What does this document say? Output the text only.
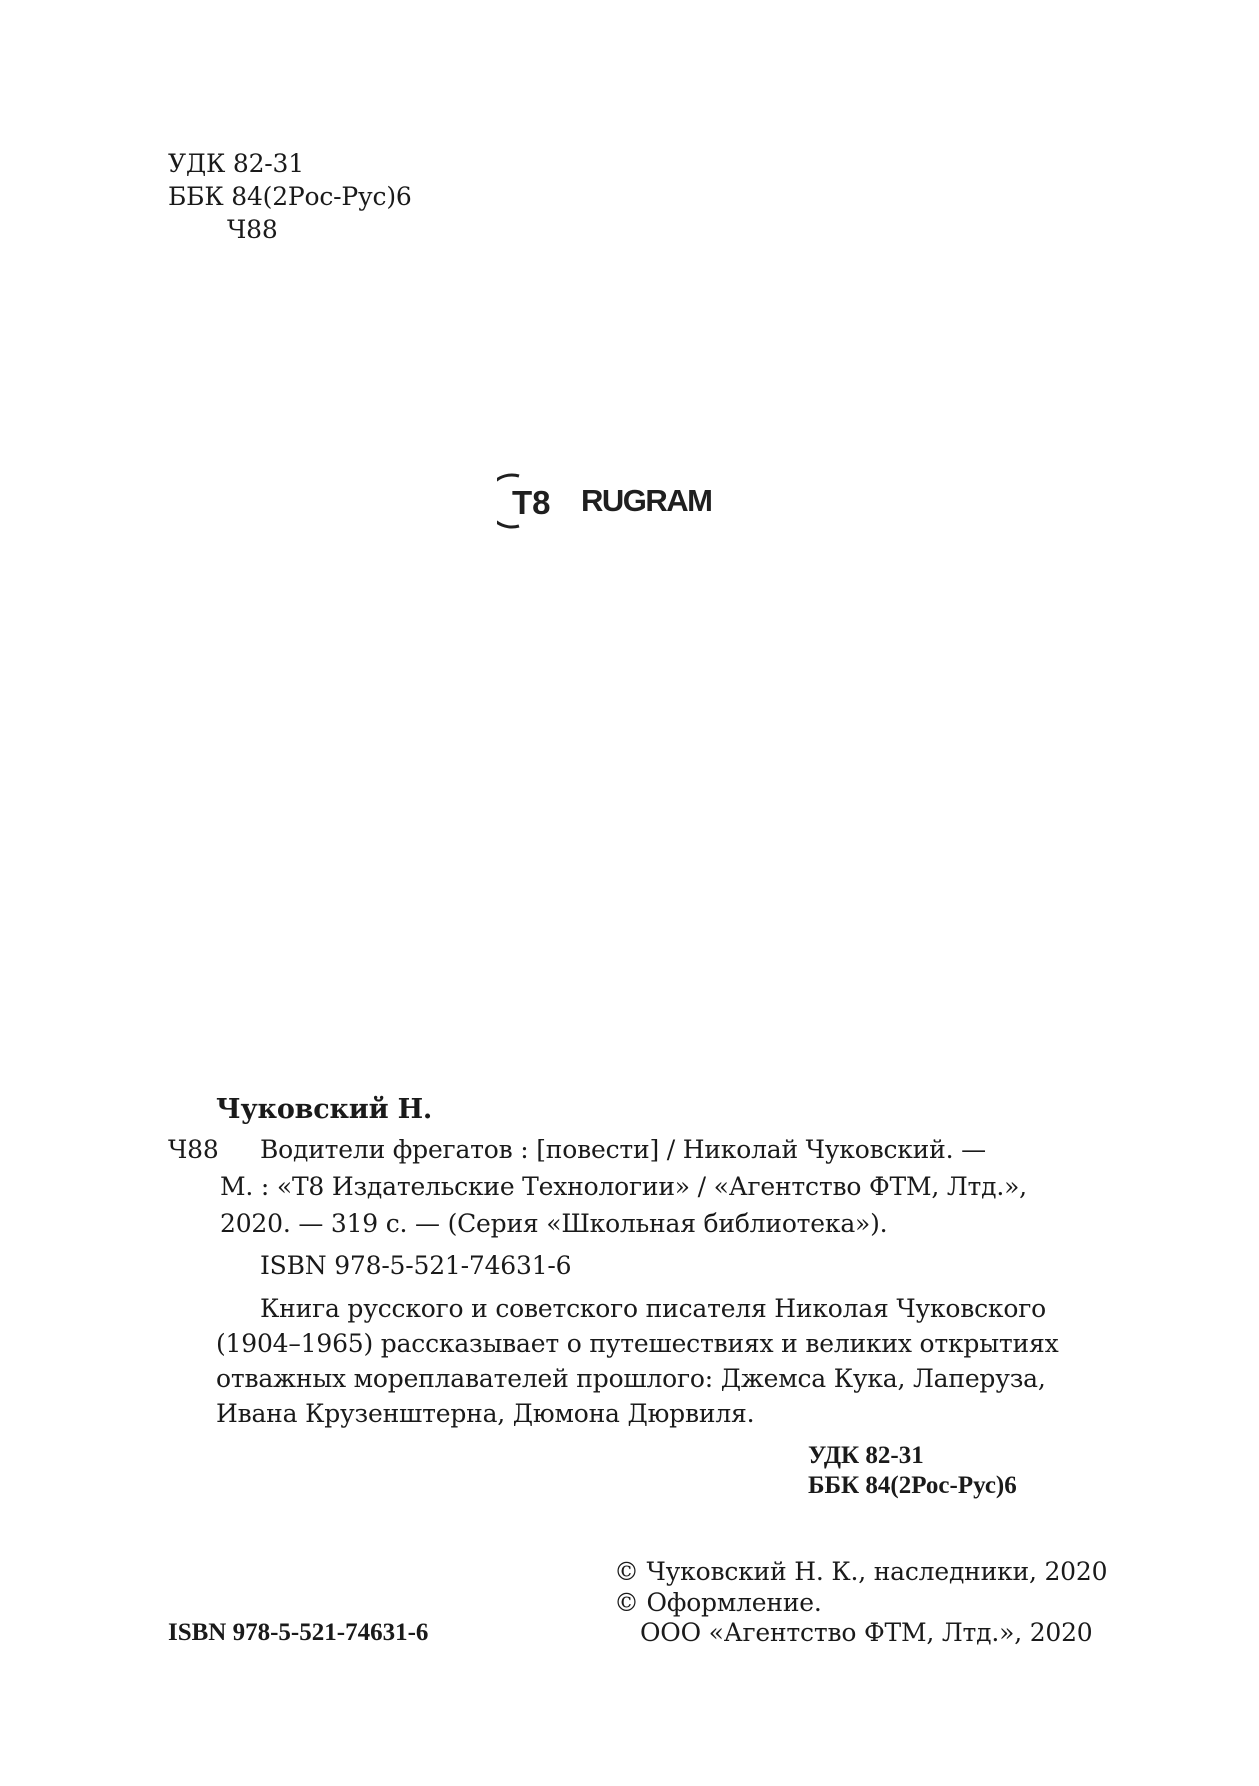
УДК 82-31
ББК 84(2Рос-Рус)6
Ч88
T8 RUGRAM
Чуковский Н.
Ч88 Водители фрегатов : [повести] / Николай Чуковский. —
М. : «Т8 Издательские Технологии» / «Агентство ФТМ, Лтд.»,
2020. — 319 с. — (Серия «Школьная библиотека»).
ISBN 978-5-521-74631-6
Книга русского и советского писателя Николая Чуковского
(1904–1965) рассказывает о путешествиях и великих открытиях
отважных мореплавателей прошлого: Джемса Кука, Лаперуза,
Ивана Крузенштерна, Дюмона Дюрвиля.
УДК 82-31
ББК 84(2Рос-Рус)6
© Чуковский Н. К., наследники, 2020
© Оформление.
ISBN 978-5-521-74631-6	ООО «Агентство ФТМ, Лтд.», 2020
